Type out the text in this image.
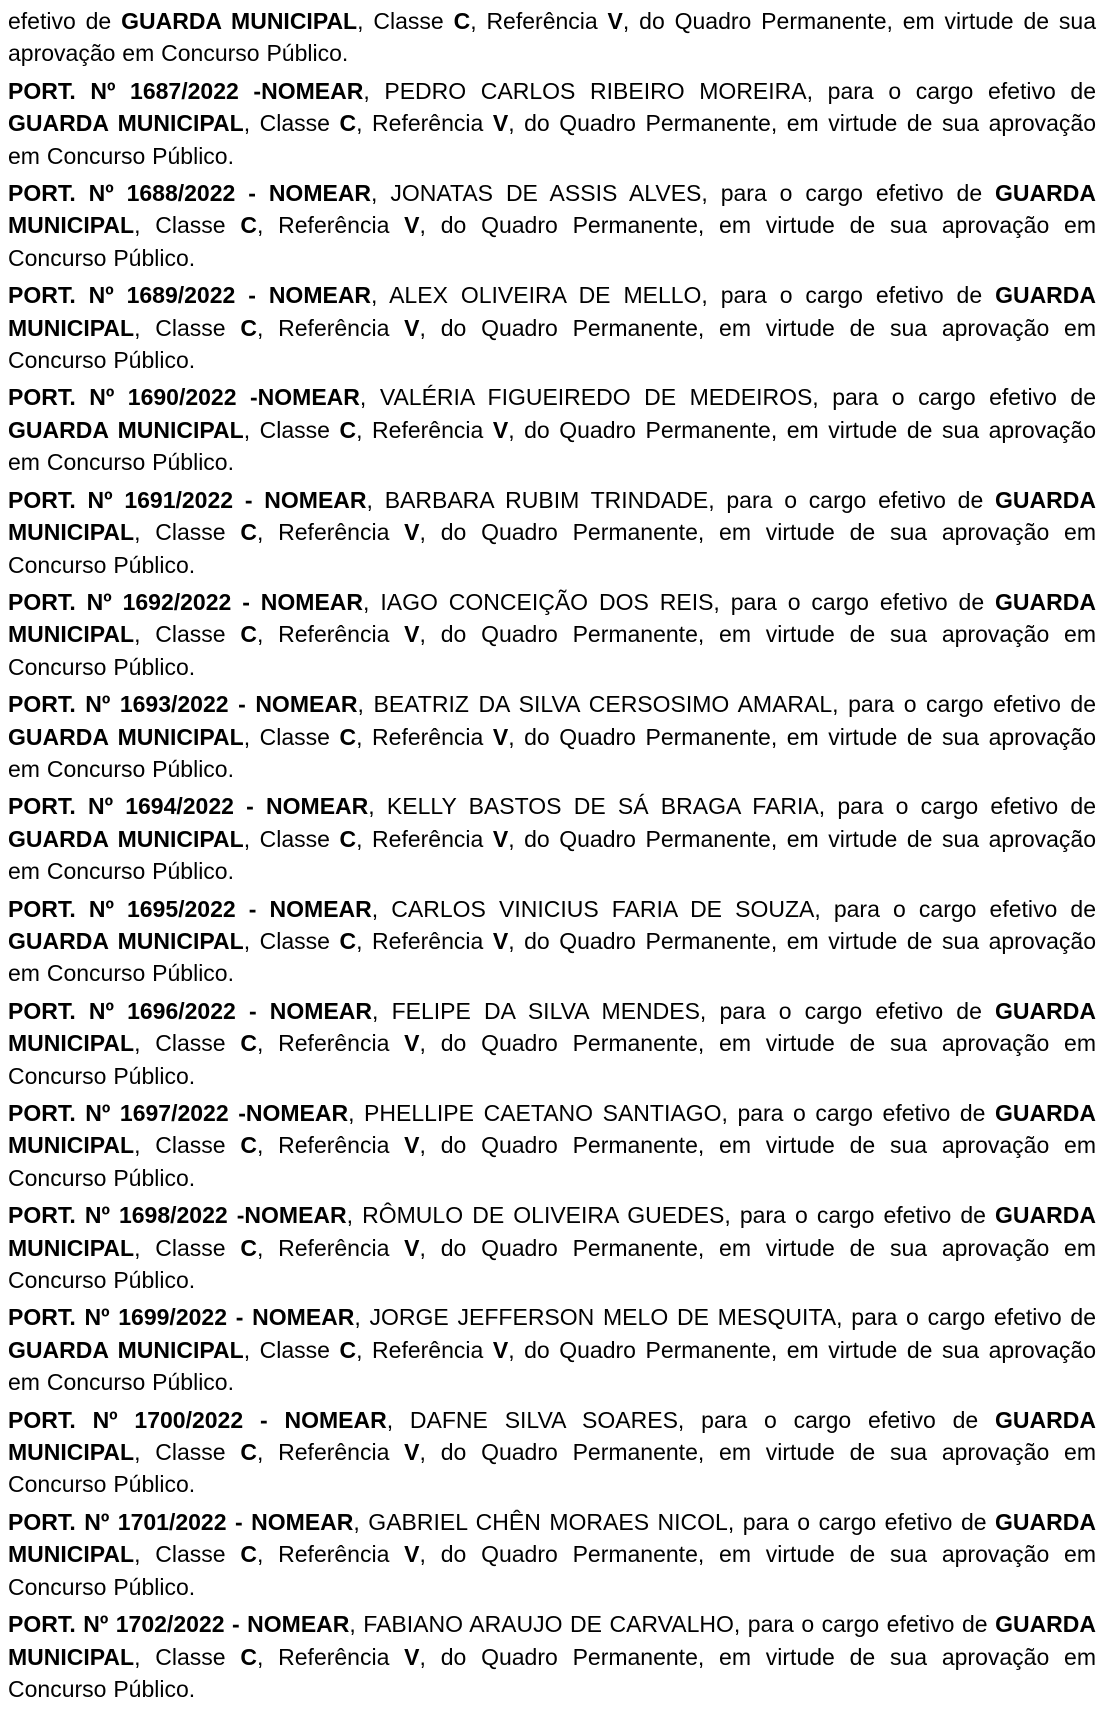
efetivo de GUARDA MUNICIPAL, Classe C, Referência V, do Quadro Permanente, em virtude de sua aprovação em Concurso Público.

PORT. Nº 1687/2022 -NOMEAR, PEDRO CARLOS RIBEIRO MOREIRA, para o cargo efetivo de GUARDA MUNICIPAL, Classe C, Referência V, do Quadro Permanente, em virtude de sua aprovação em Concurso Público.

PORT. Nº 1688/2022 - NOMEAR, JONATAS DE ASSIS ALVES, para o cargo efetivo de GUARDA MUNICIPAL, Classe C, Referência V, do Quadro Permanente, em virtude de sua aprovação em Concurso Público.

PORT. Nº 1689/2022 - NOMEAR, ALEX OLIVEIRA DE MELLO, para o cargo efetivo de GUARDA MUNICIPAL, Classe C, Referência V, do Quadro Permanente, em virtude de sua aprovação em Concurso Público.

PORT. Nº 1690/2022 -NOMEAR, VALÉRIA FIGUEIREDO DE MEDEIROS, para o cargo efetivo de GUARDA MUNICIPAL, Classe C, Referência V, do Quadro Permanente, em virtude de sua aprovação em Concurso Público.

PORT. Nº 1691/2022 - NOMEAR, BARBARA RUBIM TRINDADE, para o cargo efetivo de GUARDA MUNICIPAL, Classe C, Referência V, do Quadro Permanente, em virtude de sua aprovação em Concurso Público.

PORT. Nº 1692/2022 - NOMEAR, IAGO CONCEIÇÃO DOS REIS, para o cargo efetivo de GUARDA MUNICIPAL, Classe C, Referência V, do Quadro Permanente, em virtude de sua aprovação em Concurso Público.

PORT. Nº 1693/2022 - NOMEAR, BEATRIZ DA SILVA CERSOSIMO AMARAL, para o cargo efetivo de GUARDA MUNICIPAL, Classe C, Referência V, do Quadro Permanente, em virtude de sua aprovação em Concurso Público.

PORT. Nº 1694/2022 - NOMEAR, KELLY BASTOS DE SÁ BRAGA FARIA, para o cargo efetivo de GUARDA MUNICIPAL, Classe C, Referência V, do Quadro Permanente, em virtude de sua aprovação em Concurso Público.

PORT. Nº 1695/2022 - NOMEAR, CARLOS VINICIUS FARIA DE SOUZA, para o cargo efetivo de GUARDA MUNICIPAL, Classe C, Referência V, do Quadro Permanente, em virtude de sua aprovação em Concurso Público.

PORT. Nº 1696/2022 - NOMEAR, FELIPE DA SILVA MENDES, para o cargo efetivo de GUARDA MUNICIPAL, Classe C, Referência V, do Quadro Permanente, em virtude de sua aprovação em Concurso Público.

PORT. Nº 1697/2022 -NOMEAR, PHELLIPE CAETANO SANTIAGO, para o cargo efetivo de GUARDA MUNICIPAL, Classe C, Referência V, do Quadro Permanente, em virtude de sua aprovação em Concurso Público.

PORT. Nº 1698/2022 -NOMEAR, RÔMULO DE OLIVEIRA GUEDES, para o cargo efetivo de GUARDA MUNICIPAL, Classe C, Referência V, do Quadro Permanente, em virtude de sua aprovação em Concurso Público.

PORT. Nº 1699/2022 - NOMEAR, JORGE JEFFERSON MELO DE MESQUITA, para o cargo efetivo de GUARDA MUNICIPAL, Classe C, Referência V, do Quadro Permanente, em virtude de sua aprovação em Concurso Público.

PORT. Nº 1700/2022 - NOMEAR, DAFNE SILVA SOARES, para o cargo efetivo de GUARDA MUNICIPAL, Classe C, Referência V, do Quadro Permanente, em virtude de sua aprovação em Concurso Público.

PORT. Nº 1701/2022 - NOMEAR, GABRIEL CHÊN MORAES NICOL, para o cargo efetivo de GUARDA MUNICIPAL, Classe C, Referência V, do Quadro Permanente, em virtude de sua aprovação em Concurso Público.

PORT. Nº 1702/2022 - NOMEAR, FABIANO ARAUJO DE CARVALHO, para o cargo efetivo de GUARDA MUNICIPAL, Classe C, Referência V, do Quadro Permanente, em virtude de sua aprovação em Concurso Público.
